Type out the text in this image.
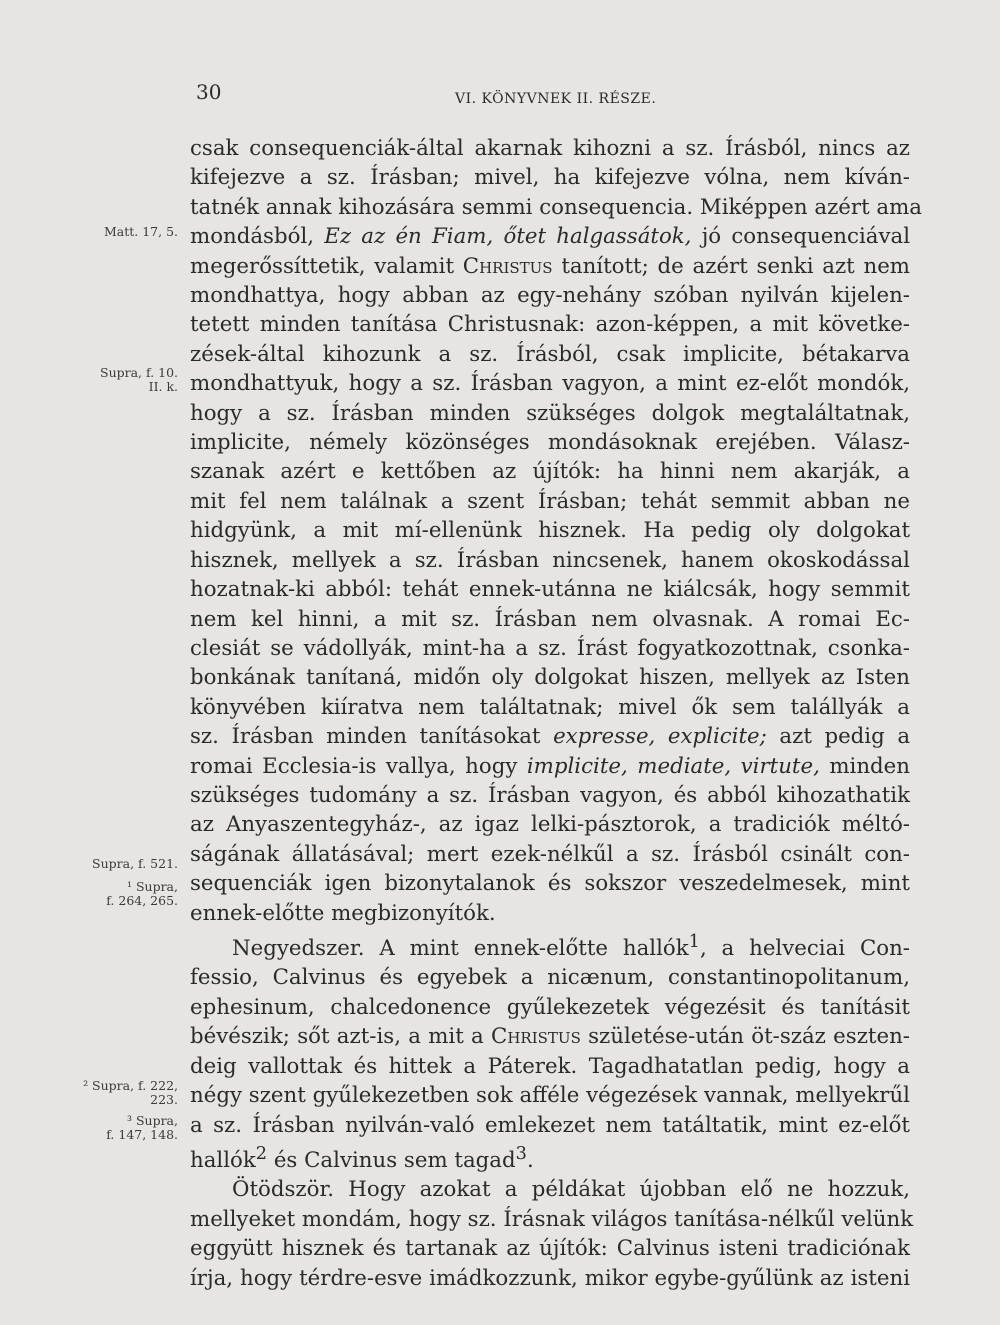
30	VI. KÖNYVNEK II. RÉSZE.
Matt. 17, 5.
Supra, f. 10.
II. k.
Supra, f. 521.
¹ Supra,
f. 264, 265.
² Supra, f. 222,
223.
³ Supra,
f. 147, 148.
csak consequenciák-által akarnak kihozni a sz. Írásból, nincs az
kifejezve a sz. Írásban; mivel, ha kifejezve vólna, nem kíván-
tatnék annak kihozására semmi consequencia. Miképpen azért ama
mondásból, Ez az én Fiam, őtet halgassátok, jó consequenciával
megerőssíttetik, valamit Christus tanított; de azért senki azt nem
mondhattya, hogy abban az egy-nehány szóban nyilván kijelen-
tetett minden tanítása Christusnak: azon-képpen, a mit követke-
zések-által kihozunk a sz. Írásból, csak implicite, bétakarva
mondhattyuk, hogy a sz. Írásban vagyon, a mint ez-előt mondók,
hogy a sz. Írásban minden szükséges dolgok megtaláltatnak,
implicite, némely közönséges mondásoknak erejében. Válasz-
szanak azért e kettőben az újítók: ha hinni nem akarják, a
mit fel nem találnak a szent Írásban; tehát semmit abban ne
hidgyünk, a mit mí-ellenünk hisznek. Ha pedig oly dolgokat
hisznek, mellyek a sz. Írásban nincsenek, hanem okoskodással
hozatnak-ki abból: tehát ennek-utánna ne kiálcsák, hogy semmit
nem kel hinni, a mit sz. Írásban nem olvasnak. A romai Ec-
clesiát se vádollyák, mint-ha a sz. Írást fogyatkozottnak, csonka-
bonkának tanítaná, midőn oly dolgokat hiszen, mellyek az Isten
könyvében kiíratva nem találtatnak; mivel ők sem talállyák a
sz. Írásban minden tanításokat expresse, explicite; azt pedig a
romai Ecclesia-is vallya, hogy implicite, mediate, virtute, minden
szükséges tudomány a sz. Írásban vagyon, és abból kihozathatik
az Anyaszentegyház-, az igaz lelki-pásztorok, a tradiciók méltó-
ságának állatásával; mert ezek-nélkűl a sz. Írásból csinált con-
sequenciák igen bizonytalanok és sokszor veszedelmesek, mint
ennek-előtte megbizonyítók.
Negyedszer. A mint ennek-előtte hallók$^1$, a helveciai Con-
fessio, Calvinus és egyebek a nicænum, constantinopolitanum,
ephesinum, chalcedonence gyűlekezetek végezésit és tanításit
bévészik; sőt azt-is, a mit a Christus születése-után öt-száz eszten-
deig vallottak és hittek a Páterek. Tagadhatatlan pedig, hogy a
négy szent gyűlekezetben sok afféle végezések vannak, mellyekrűl
a sz. Írásban nyilván-való emlekezet nem tatáltatik, mint ez-előt
hallók$^2$ és Calvinus sem tagad$^3$.
Ötödször. Hogy azokat a példákat újobban elő ne hozzuk,
mellyeket mondám, hogy sz. Írásnak világos tanítása-nélkűl velünk
eggyütt hisznek és tartanak az újítók: Calvinus isteni tradiciónak
írja, hogy térdre-esve imádkozzunk, mikor egybe-gyűlünk az isteni
